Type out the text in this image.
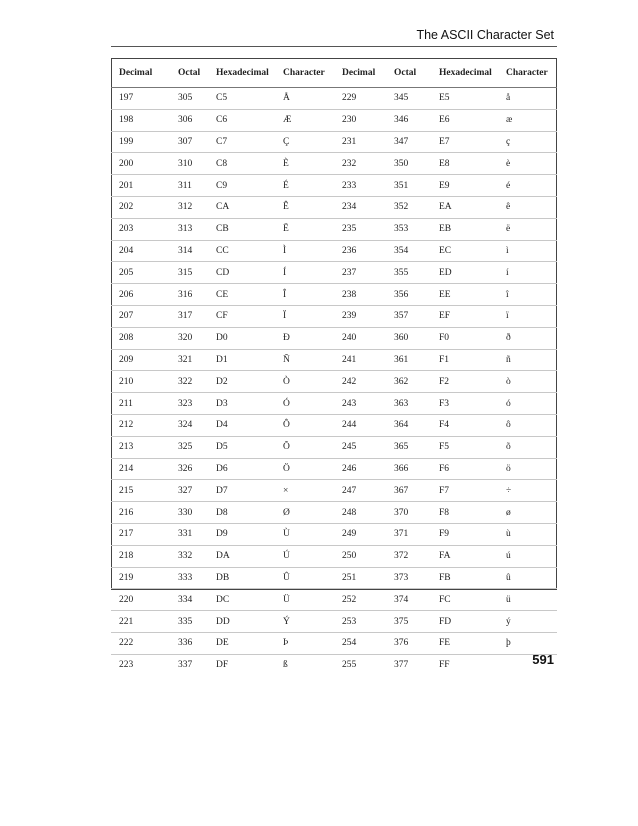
The ASCII Character Set
Decimal	Octal	Hexadecimal	Character	Decimal	Octal	Hexadecimal	Character
197	305	C5	Å	229	345	E5	å
198	306	C6	Æ	230	346	E6	æ
199	307	C7	Ç	231	347	E7	ç
200	310	C8	È	232	350	E8	è
201	311	C9	É	233	351	E9	é
202	312	CA	Ê	234	352	EA	ê
203	313	CB	Ë	235	353	EB	ë
204	314	CC	Ì	236	354	EC	ì
205	315	CD	Í	237	355	ED	í
206	316	CE	Î	238	356	EE	î
207	317	CF	Ï	239	357	EF	ï
208	320	D0	Ð	240	360	F0	ð
209	321	D1	Ñ	241	361	F1	ñ
210	322	D2	Ò	242	362	F2	ò
211	323	D3	Ó	243	363	F3	ó
212	324	D4	Ô	244	364	F4	ô
213	325	D5	Õ	245	365	F5	õ
214	326	D6	Ö	246	366	F6	ö
215	327	D7	×	247	367	F7	÷
216	330	D8	Ø	248	370	F8	ø
217	331	D9	Ù	249	371	F9	ù
218	332	DA	Ú	250	372	FA	ú
219	333	DB	Û	251	373	FB	û
220	334	DC	Ü	252	374	FC	ü
221	335	DD	Ý	253	375	FD	ý
222	336	DE	Þ	254	376	FE	þ
223	337	DF	ß	255	377	FF		591
